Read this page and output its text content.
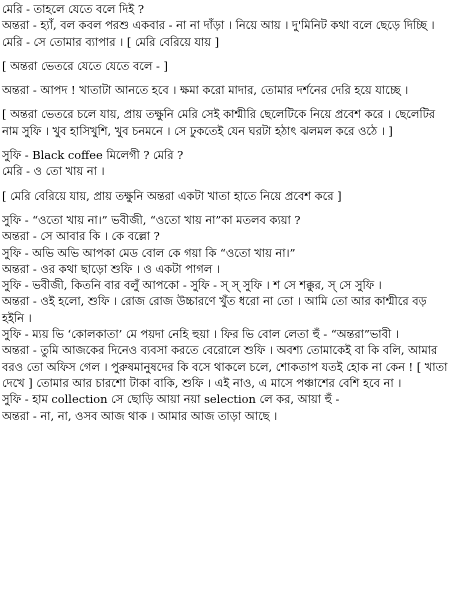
মেরি - তাহলে যেতে বলে দিই ?
অন্তরা - হ্যাঁ, বল কবল পরশু একবার - না না দাঁড়া । নিয়ে আয় । দু'মিনিট কথা বলে ছেড়ে দিচ্ছি ।
মেরি - সে তোমার ব্যাপার । [ মেরি বেরিয়ে যায় ]
[ অন্তরা ভেতরে যেতে যেতে বলে - ]
অন্তরা - আপদ ! খাতাটা আনতে হবে । ক্ষমা করো মাদার, তোমার দর্শনের দেরি হয়ে যাচ্ছে ।
[ অন্তরা ভেতরে চলে যায়, প্রায় তক্ষুনি মেরি সেই কাশ্মীরি ছেলেটিকে নিয়ে প্রবেশ করে । ছেলেটির নাম সুফি । খুব হাসিখুশি, খুব চনমনে । সে ঢুকতেই যেন ঘরটা হঠাৎ ঝলমল করে ওঠে । ]
সুফি - Black coffee মিলেগী ? মেরি ?
মেরি - ও তো খায় না ।
[ মেরি বেরিয়ে যায়, প্রায় তক্ষুনি অন্তরা একটা খাতা হাতে নিয়ে প্রবেশ করে ]
সুফি - “ওতো খায় না।” ভবীজী, “ওতো খায় না”কা মতলব ক্যয়া ?
অন্তরা - সে আবার কি । কে বল্লো ?
সুফি - অভি অভি আপকা মেড বোল কে গয়া কি “ওতো খায় না।”
অন্তরা - ওর কথা ছাড়ো শুফি । ও একটা পাগল ।
সুফি - ভবীজী, কিতনি বার বলুঁ আপকো - সুফি - স্ স্ সুফি । শ সে শক্কুর, স্ সে সুফি ।
অন্তরা - ওই হলো, শুফি । রোজ রোজ উচ্চারণে খুঁত ধরো না তো । আমি তো আর কাশ্মীরে বড় হইনি ।
সুফি - ম্যয় ভি ‘কোলকাতা’ মে পয়দা নেহি হুয়া । ফির ভি বোল লেতা হুঁ - “অন্তরা”ভাবী ।
অন্তরা - তুমি আজকের দিনেও ব্যবসা করতে বেরোলে শুফি । অবশ্য তোমাকেই বা কি বলি, আমার বরও তো অফিস গেল । পুরুষমানুষদের কি বসে থাকলে চলে, শোকতাপ যতই হোক না কেন ! [ খাতা দেখে ] তোমার আর চারশো টাকা বাকি, শুফি । এই নাও, এ মাসে পঞ্চাশের বেশি হবে না ।
সুফি - হাম collection সে ছোড়ি আয়া নয়া selection লে কর, আয়া হুঁ -
অন্তরা - না, না, ওসব আজ থাক । আমার আজ তাড়া আছে ।
